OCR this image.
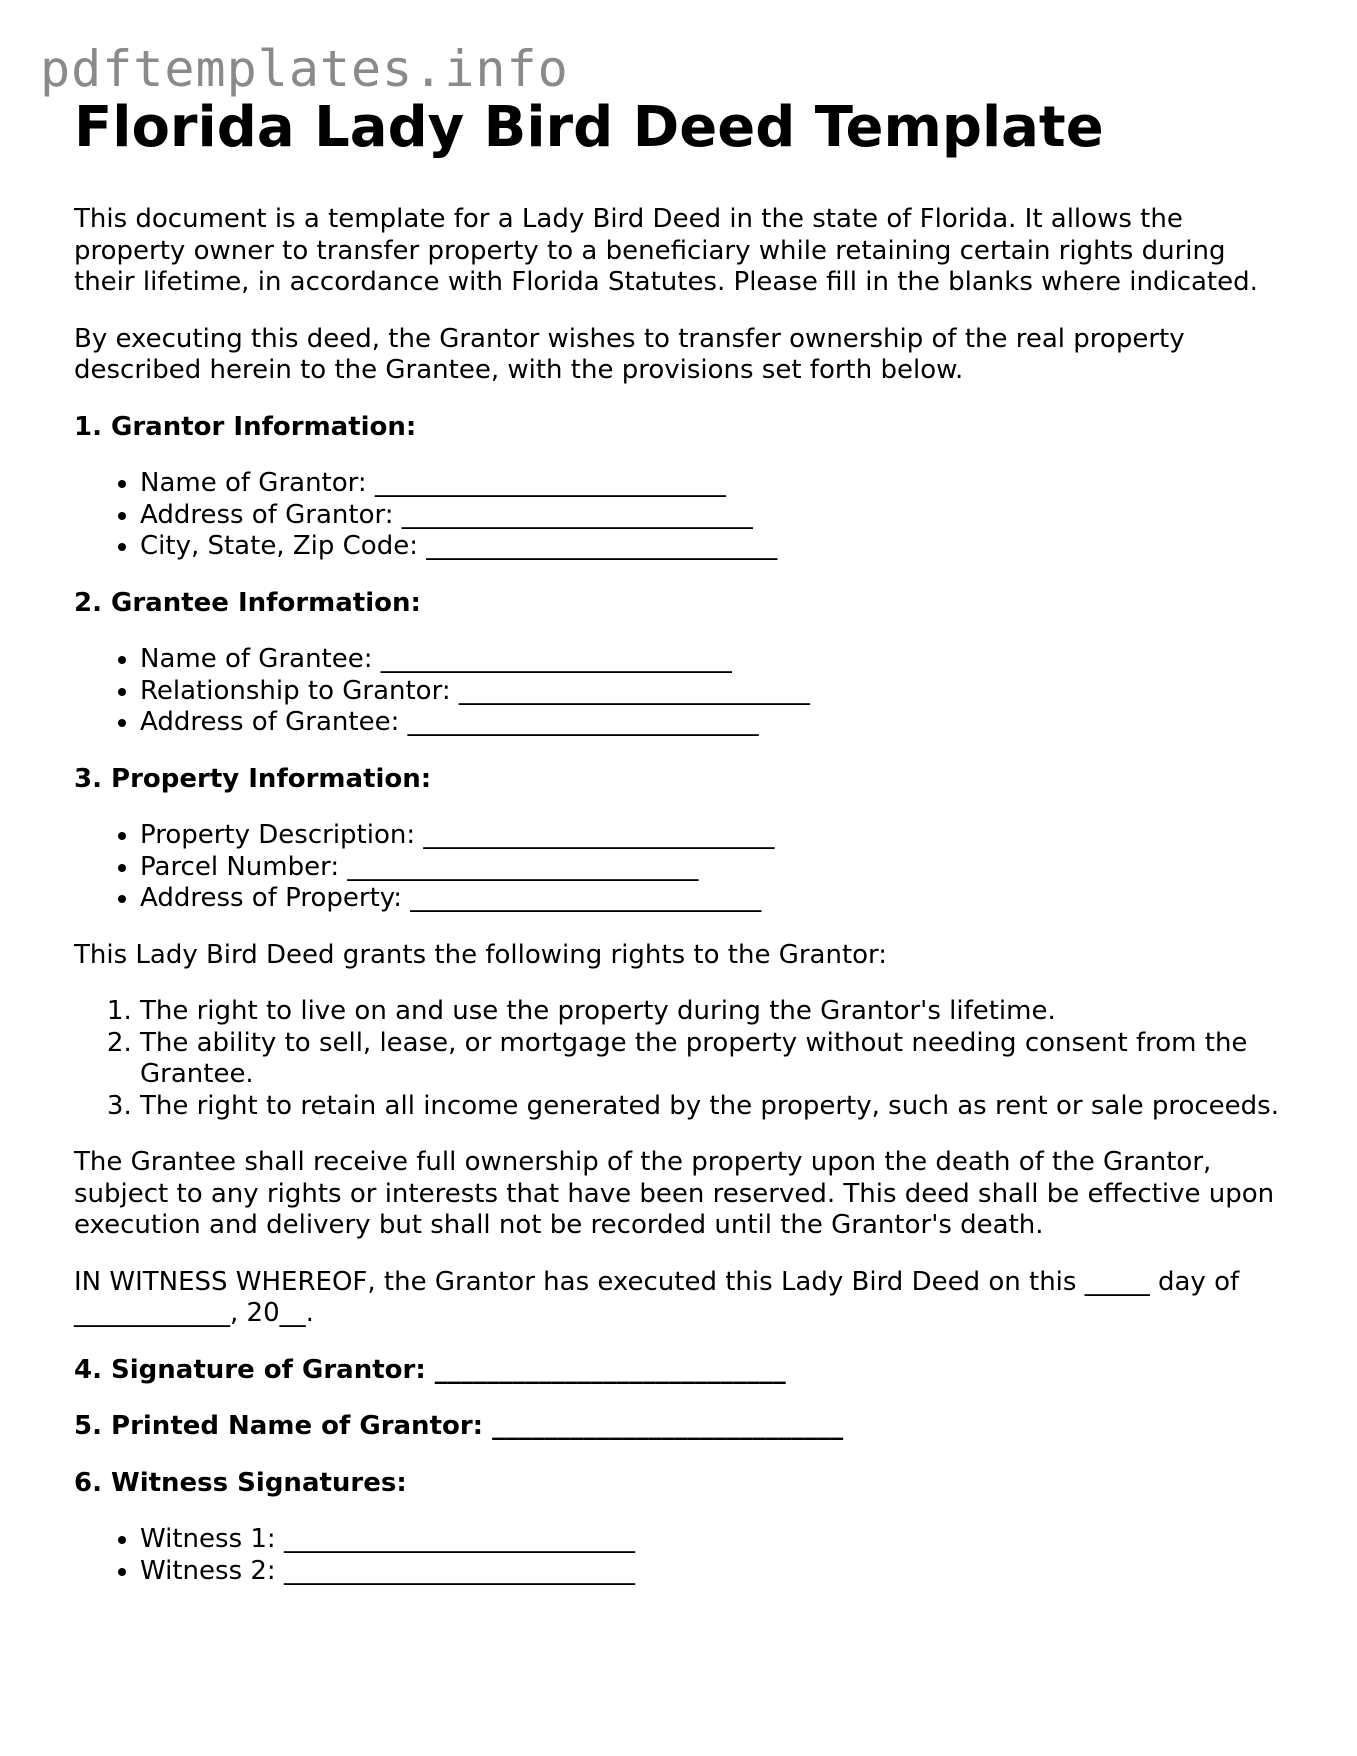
pdftemplates.info
Florida Lady Bird Deed Template

This document is a template for a Lady Bird Deed in the state of Florida. It allows the property owner to transfer property to a beneficiary while retaining certain rights during their lifetime, in accordance with Florida Statutes. Please fill in the blanks where indicated.

By executing this deed, the Grantor wishes to transfer ownership of the real property described herein to the Grantee, with the provisions set forth below.

1. Grantor Information:
• Name of Grantor: ___________________________
• Address of Grantor: ___________________________
• City, State, Zip Code: ___________________________
2. Grantee Information:
• Name of Grantee: ___________________________
• Relationship to Grantor: ___________________________
• Address of Grantee: ___________________________
3. Property Information:
• Property Description: ___________________________
• Parcel Number: ___________________________
• Address of Property: ___________________________

This Lady Bird Deed grants the following rights to the Grantor:

1. The right to live on and use the property during the Grantor's lifetime.
2. The ability to sell, lease, or mortgage the property without needing consent from the Grantee.
3. The right to retain all income generated by the property, such as rent or sale proceeds.

The Grantee shall receive full ownership of the property upon the death of the Grantor, subject to any rights or interests that have been reserved. This deed shall be effective upon execution and delivery but shall not be recorded until the Grantor's death.

IN WITNESS WHEREOF, the Grantor has executed this Lady Bird Deed on this _____ day of ____________, 20__.

4. Signature of Grantor: ___________________________
5. Printed Name of Grantor: ___________________________
6. Witness Signatures:
• Witness 1: ___________________________
• Witness 2: ___________________________
